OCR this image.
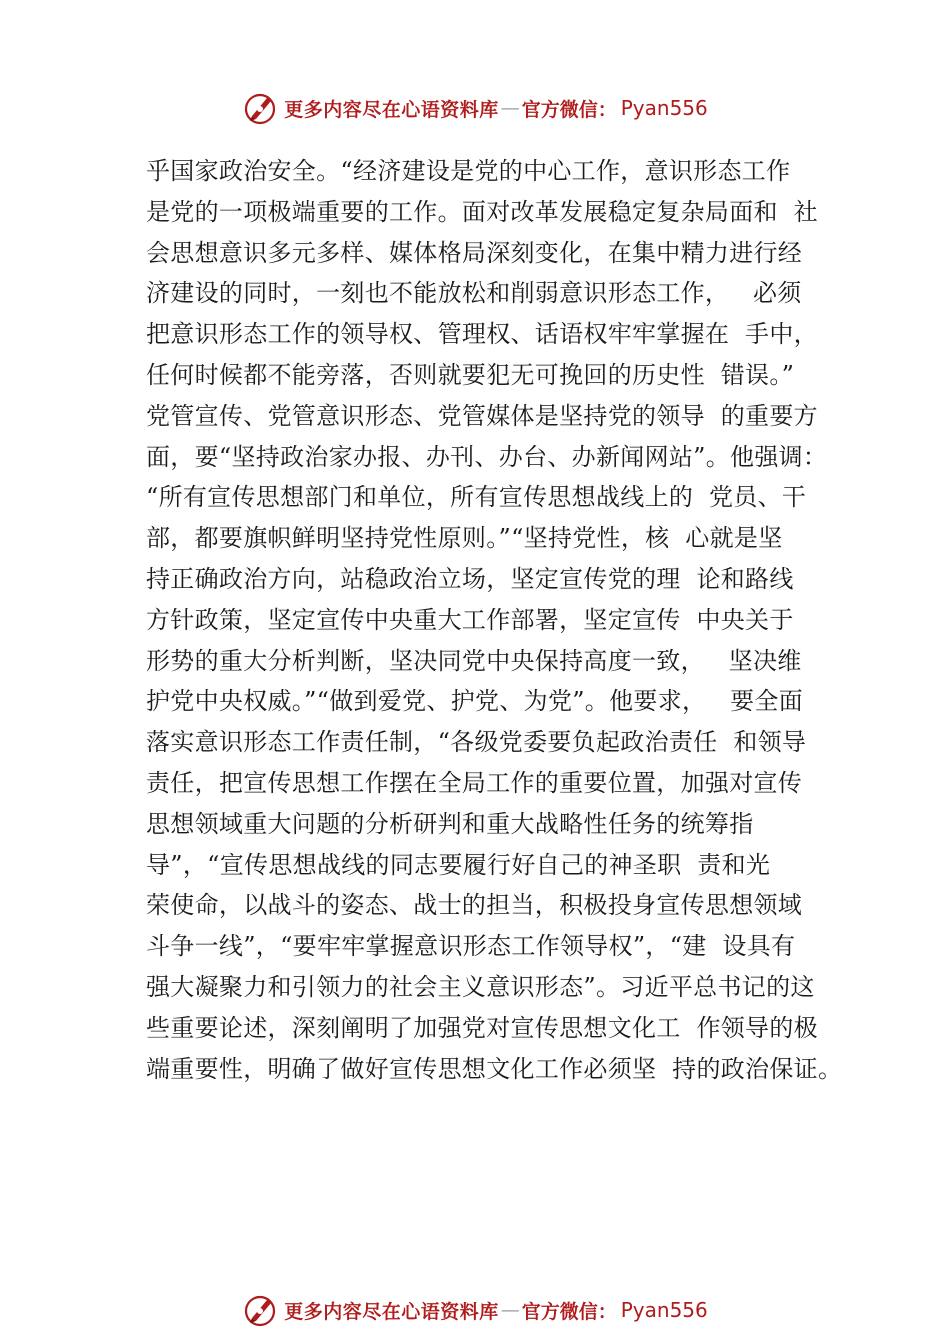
更多内容尽在心语资料库 — 官方微信： Pyan556
乎国家政治安全。“经济建设是党的中心工作，意识形态工作
是党的一项极端重要的工作。面对改革发展稳定复杂局面和  社
会思想意识多元多样、媒体格局深刻变化，在集中精力进行经
济建设的同时，一刻也不能放松和削弱意识形态工作，   必须
把意识形态工作的领导权、管理权、话语权牢牢掌握在  手中，
任何时候都不能旁落，否则就要犯无可挽回的历史性  错误。”
党管宣传、党管意识形态、党管媒体是坚持党的领导  的重要方
面，要“坚持政治家办报、办刊、办台、办新闻网站”。他强调：
“所有宣传思想部门和单位，所有宣传思想战线上的  党员、干
部，都要旗帜鲜明坚持党性原则。”“坚持党性，核  心就是坚
持正确政治方向，站稳政治立场，坚定宣传党的理  论和路线
方针政策，坚定宣传中央重大工作部署，坚定宣传  中央关于
形势的重大分析判断，坚决同党中央保持高度一致，   坚决维
护党中央权威。”“做到爱党、护党、为党”。他要求，   要全面
落实意识形态工作责任制，“各级党委要负起政治责任  和领导
责任，把宣传思想工作摆在全局工作的重要位置，加强对宣传
思想领域重大问题的分析研判和重大战略性任务的统筹指
导”，“宣传思想战线的同志要履行好自己的神圣职  责和光
荣使命，以战斗的姿态、战士的担当，积极投身宣传思想领域
斗争一线”，“要牢牢掌握意识形态工作领导权”，“建  设具有
强大凝聚力和引领力的社会主义意识形态”。习近平总书记的这
些重要论述，深刻阐明了加强党对宣传思想文化工  作领导的极
端重要性，明确了做好宣传思想文化工作必须坚  持的政治保证。
更多内容尽在心语资料库 — 官方微信： Pyan556
